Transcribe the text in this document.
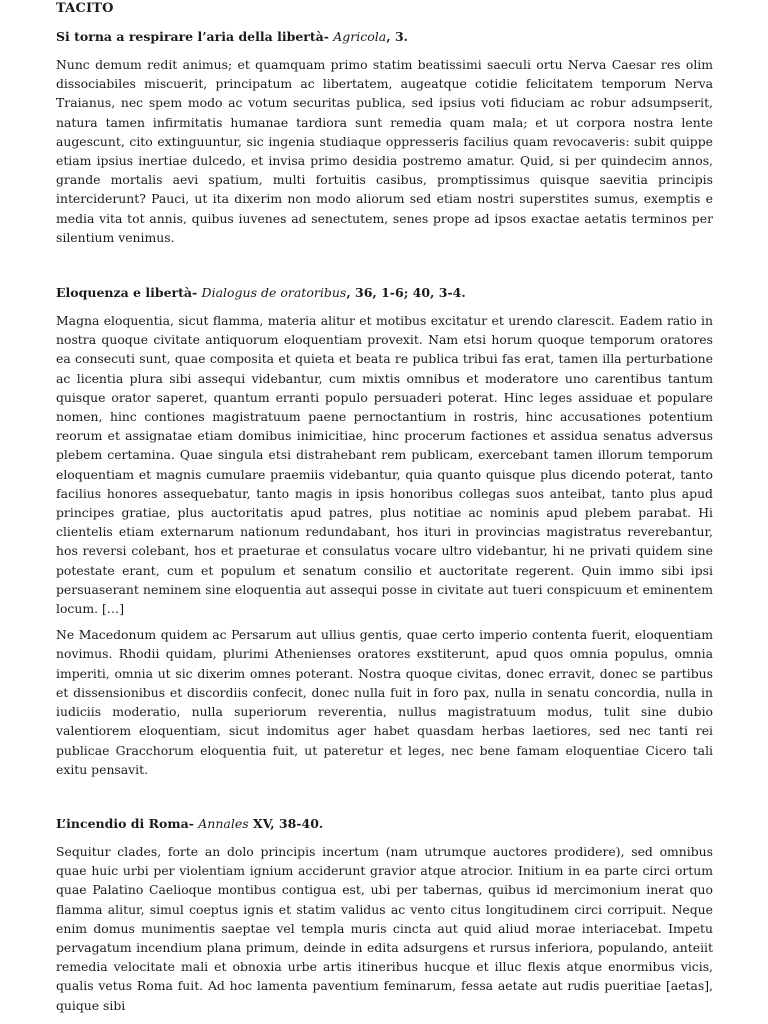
TACITO
Si torna a respirare l’aria della libertà- Agricola, 3.

Nunc demum redit animus; et quamquam primo statim beatissimi saeculi ortu Nerva Caesar res olim dissociabiles miscuerit, principatum ac libertatem, augeatque cotidie felicitatem temporum Nerva Traianus, nec spem modo ac votum securitas publica, sed ipsius voti fiduciam ac robur adsumpserit, natura tamen infirmitatis humanae tardiora sunt remedia quam mala; et ut corpora nostra lente augescunt, cito extinguuntur, sic ingenia studiaque oppresseris facilius quam revocaveris: subit quippe etiam ipsius inertiae dulcedo, et invisa primo desidia postremo amatur. Quid, si per quindecim annos, grande mortalis aevi spatium, multi fortuitis casibus, promptissimus quisque saevitia principis interciderunt? Pauci, ut ita dixerim non modo aliorum sed etiam nostri superstites sumus, exemptis e media vita tot annis, quibus iuvenes ad senectutem, senes prope ad ipsos exactae aetatis terminos per silentium venimus.

Eloquenza e libertà- Dialogus de oratoribus, 36, 1-6; 40, 3-4.

Magna eloquentia, sicut flamma, materia alitur et motibus excitatur et urendo clarescit. Eadem ratio in nostra quoque civitate antiquorum eloquentiam provexit. Nam etsi horum quoque temporum oratores ea consecuti sunt, quae composita et quieta et beata re publica tribui fas erat, tamen illa perturbatione ac licentia plura sibi assequi videbantur, cum mixtis omnibus et moderatore uno carentibus tantum quisque orator saperet, quantum erranti populo persuaderi poterat. Hinc leges assiduae et populare nomen, hinc contiones magistratuum paene pernoctantium in rostris, hinc accusationes potentium reorum et assignatae etiam domibus inimicitiae, hinc procerum factiones et assidua senatus adversus plebem certamina. Quae singula etsi distrahebant rem publicam, exercebant tamen illorum temporum eloquentiam et magnis cumulare praemiis videbantur, quia quanto quisque plus dicendo poterat, tanto facilius honores assequebatur, tanto magis in ipsis honoribus collegas suos anteibat, tanto plus apud principes gratiae, plus auctoritatis apud patres, plus notitiae ac nominis apud plebem parabat. Hi clientelis etiam externarum nationum redundabant, hos ituri in provincias magistratus reverebantur, hos reversi colebant, hos et praeturae et consulatus vocare ultro videbantur, hi ne privati quidem sine potestate erant, cum et populum et senatum consilio et auctoritate regerent. Quin immo sibi ipsi persuaserant neminem sine eloquentia aut assequi posse in civitate aut tueri conspicuum et eminentem locum. […]

Ne Macedonum quidem ac Persarum aut ullius gentis, quae certo imperio contenta fuerit, eloquentiam novimus. Rhodii quidam, plurimi Athenienses oratores exstiterunt, apud quos omnia populus, omnia imperiti, omnia ut sic dixerim omnes poterant. Nostra quoque civitas, donec erravit, donec se partibus et dissensionibus et discordiis confecit, donec nulla fuit in foro pax, nulla in senatu concordia, nulla in iudiciis moderatio, nulla superiorum reverentia, nullus magistratuum modus, tulit sine dubio valentiorem eloquentiam, sicut indomitus ager habet quasdam herbas laetiores, sed nec tanti rei publicae Gracchorum eloquentia fuit, ut pateretur et leges, nec bene famam eloquentiae Cicero tali exitu pensavit.

L’incendio di Roma- Annales XV, 38-40.

Sequitur clades, forte an dolo principis incertum (nam utrumque auctores prodidere), sed omnibus quae huic urbi per violentiam ignium acciderunt gravior atque atrocior. Initium in ea parte circi ortum quae Palatino Caelioque montibus contigua est, ubi per tabernas, quibus id mercimonium inerat quo flamma alitur, simul coeptus ignis et statim validus ac vento citus longitudinem circi corripuit. Neque enim domus munimentis saeptae vel templa muris cincta aut quid aliud morae interiacebat. Impetu pervagatum incendium plana primum, deinde in edita adsurgens et rursus inferiora, populando, anteiit remedia velocitate mali et obnoxia urbe artis itineribus hucque et illuc flexis atque enormibus vicis, qualis vetus Roma fuit. Ad hoc lamenta paventium feminarum, fessa aetate aut rudis pueritiae [aetas], quique sibi
